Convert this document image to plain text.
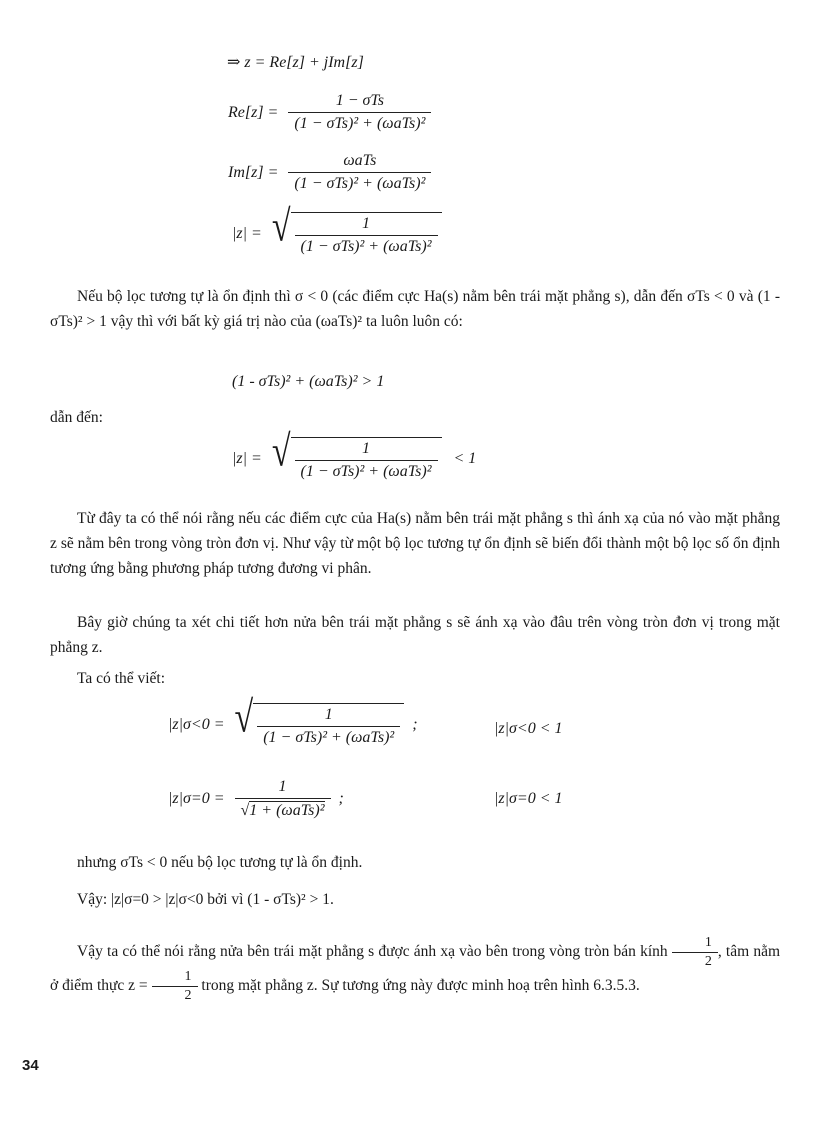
⇒ z = Re[z] + jIm[z]
$Re[z] = \frac{\text{1 − σTs}}{\text{(1 − σTs)² + (ωaTs)²}}$
$Im[z] = \frac{\text{ωaTs}}{\text{(1 − σTs)² + (ωaTs)²}}$
|z| = √ $\frac{1}{\text{(1 − σTs)² + (ωaTs)²}}$
Nếu bộ lọc tương tự là ổn định thì σ < 0 (các điểm cực Ha(s) nằm bên trái mặt phẳng s), dẫn đến σTs < 0 và (1 - σTs)² > 1 vậy thì với bất kỳ giá trị nào của (ωaTs)² ta luôn luôn có:
(1 - σTs)² + (ωaTs)² > 1
dẫn đến:
|z| = √ $\frac{1}{\text{(1 − σTs)² + (ωaTs)²}} < 1$
Từ đây ta có thể nói rằng nếu các điểm cực của Ha(s) nằm bên trái mặt phẳng s thì ánh xạ của nó vào mặt phẳng z sẽ nằm bên trong vòng tròn đơn vị. Như vậy từ một bộ lọc tương tự ổn định sẽ biến đổi thành một bộ lọc số ổn định tương ứng bằng phương pháp tương đương vi phân.
Bây giờ chúng ta xét chi tiết hơn nửa bên trái mặt phẳng s sẽ ánh xạ vào đâu trên vòng tròn đơn vị trong mặt phẳng z.
Ta có thể viết:
|z|σ<0 = √ $\frac{1}{\text{(1 − σTs)² + (ωaTs)²}}$ ;	|z|σ<0 < 1
$|z|\sigma=0 = \frac{1}{\text{√ 1 + (ωaTs)²}}$ ;	|z|σ=0 < 1
nhưng σTs < 0 nếu bộ lọc tương tự là ổn định.
Vậy: |z|σ=0 > |z|σ<0 bởi vì (1 - σTs)² > 1.
Vậy ta có thể nói rằng nửa bên trái mặt phẳng s được ánh xạ vào bên trong vòng tròn bán kính $\frac{1}{2}$ , tâm nằm ở điểm thực $z = \frac{1}{2}$ trong mặt phẳng z. Sự tương ứng này được minh hoạ trên hình 6.3.5.3.
34
